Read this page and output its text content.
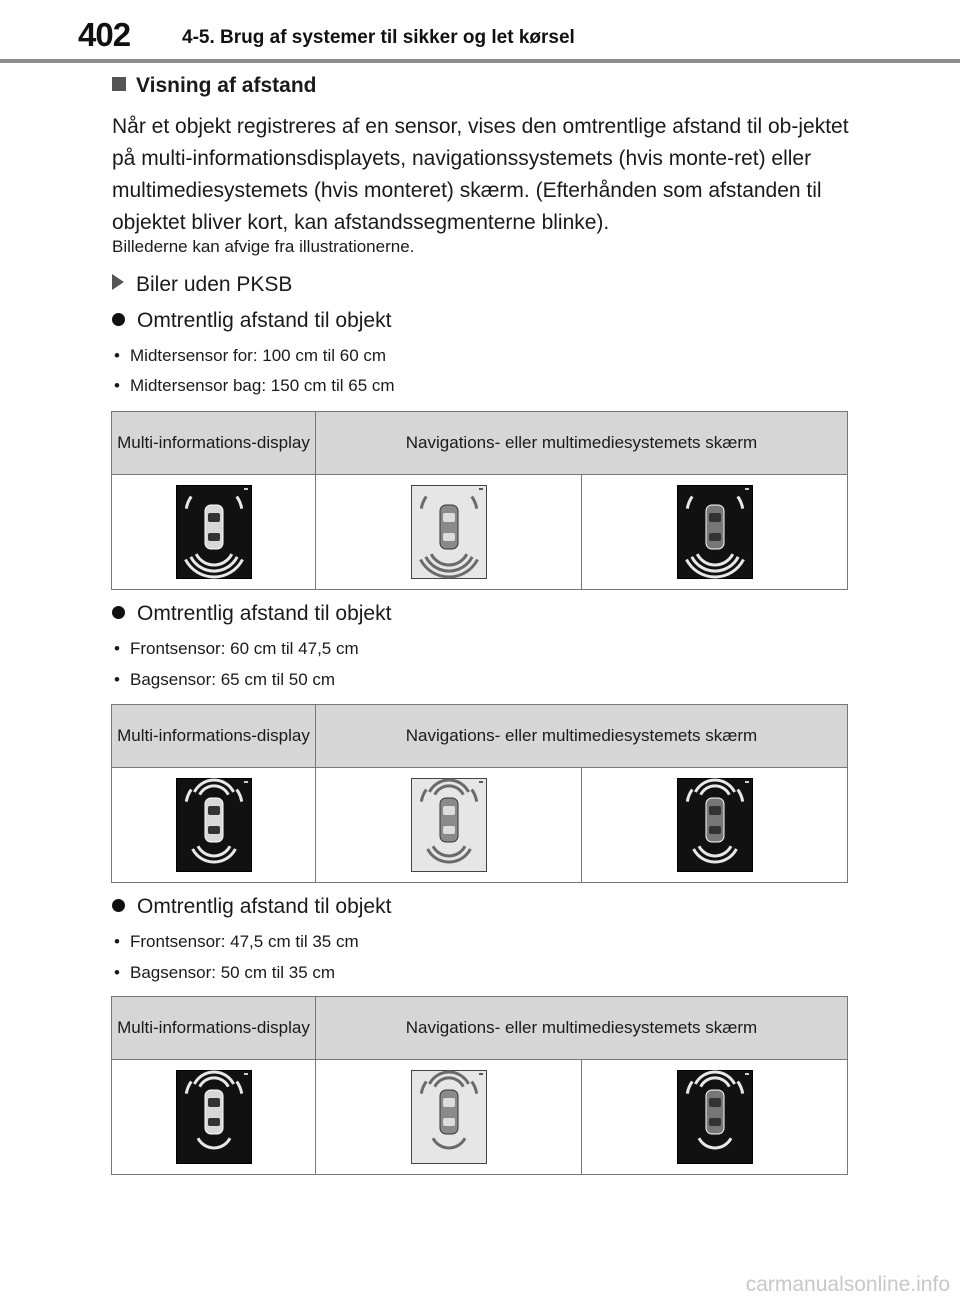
402	4-5. Brug af systemer til sikker og let kørsel
Visning af afstand
Når et objekt registreres af en sensor, vises den omtrentlige afstand til ob-jektet på multi-informationsdisplayets, navigationssystemets (hvis monte-ret) eller multimediesystemets (hvis monteret) skærm. (Efterhånden som afstanden til objektet bliver kort, kan afstandssegmenterne blinke).
Billederne kan afvige fra illustrationerne.
Biler uden PKSB
Omtrentlig afstand til objekt
• Midtersensor for: 100 cm til 60 cm
• Midtersensor bag: 150 cm til 65 cm
Multi-informations-display	Navigations- eller multimediesystemets skærm	

Omtrentlig afstand til objekt
• Frontsensor: 60 cm til 47,5 cm
• Bagsensor: 65 cm til 50 cm
Multi-informations-display	Navigations- eller multimediesystemets skærm	

Omtrentlig afstand til objekt
• Frontsensor: 47,5 cm til 35 cm
• Bagsensor: 50 cm til 35 cm
Multi-informations-display	Navigations- eller multimediesystemets skærm	

carmanualsonline.info
